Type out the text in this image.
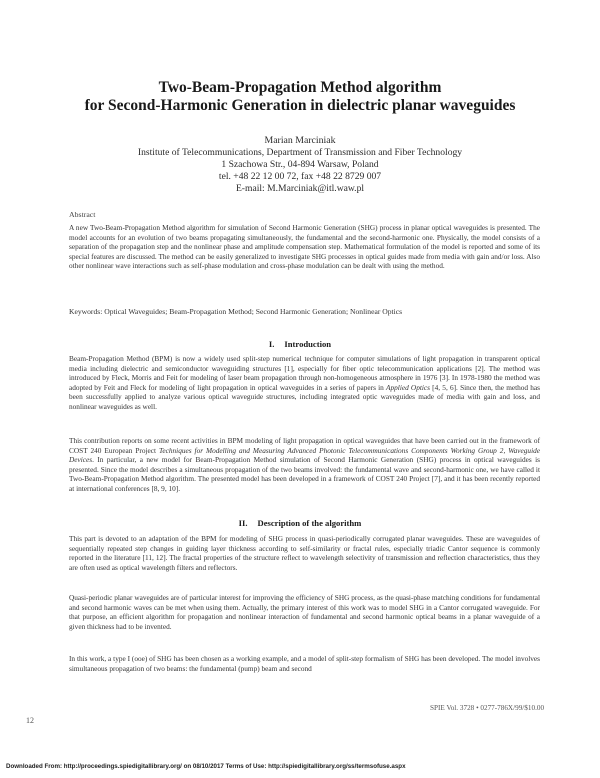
Two-Beam-Propagation Method algorithm
for Second-Harmonic Generation in dielectric planar waveguides
Marian Marciniak
Institute of Telecommunications, Department of Transmission and Fiber Technology
1 Szachowa Str., 04-894 Warsaw, Poland
tel. +48 22 12 00 72, fax +48 22 8729 007
E-mail: M.Marciniak@itl.waw.pl
Abstract
A new Two-Beam-Propagation Method algorithm for simulation of Second Harmonic Generation (SHG) process in planar optical waveguides is presented. The model accounts for an evolution of two beams propagating simultaneously, the fundamental and the second-harmonic one. Physically, the model consists of a separation of the propagation step and the nonlinear phase and amplitude compensation step. Mathematical formulation of the model is reported and some of its special features are discussed. The method can be easily generalized to investigate SHG processes in optical guides made from media with gain and/or loss. Also other nonlinear wave interactions such as self-phase modulation and cross-phase modulation can be dealt with using the method.
Keywords: Optical Waveguides; Beam-Propagation Method; Second Harmonic Generation; Nonlinear Optics
I. Introduction
Beam-Propagation Method (BPM) is now a widely used split-step numerical technique for computer simulations of light propagation in transparent optical media including dielectric and semiconductor waveguiding structures [1], especially for fiber optic telecommunication applications [2]. The method was introduced by Fleck, Morris and Feit for modeling of laser beam propagation through non-homogeneous atmosphere in 1976 [3]. In 1978-1980 the method was adopted by Feit and Fleck for modeling of light propagation in optical waveguides in a series of papers in Applied Optics [4, 5, 6]. Since then, the method has been successfully applied to analyze various optical waveguide structures, including integrated optic waveguides made of media with gain and loss, and nonlinear waveguides as well.
This contribution reports on some recent activities in BPM modeling of light propagation in optical waveguides that have been carried out in the framework of COST 240 European Project Techniques for Modelling and Measuring Advanced Photonic Telecommunications Components Working Group 2, Waveguide Devices. In particular, a new model for Beam-Propagation Method simulation of Second Harmonic Generation (SHG) process in optical waveguides is presented. Since the model describes a simultaneous propagation of the two beams involved: the fundamental wave and second-harmonic one, we have called it Two-Beam-Propagation Method algorithm. The presented model has been developed in a framework of COST 240 Project [7], and it has been recently reported at international conferences [8, 9, 10].
II. Description of the algorithm
This part is devoted to an adaptation of the BPM for modeling of SHG process in quasi-periodically corrugated planar waveguides. These are waveguides of sequentially repeated step changes in guiding layer thickness according to self-similarity or fractal rules, especially triadic Cantor sequence is commonly reported in the literature [11, 12]. The fractal properties of the structure reflect to wavelength selectivity of transmission and reflection characteristics, thus they are often used as optical wavelength filters and reflectors.
Quasi-periodic planar waveguides are of particular interest for improving the efficiency of SHG process, as the quasi-phase matching conditions for fundamental and second harmonic waves can be met when using them. Actually, the primary interest of this work was to model SHG in a Cantor corrugated waveguide. For that purpose, an efficient algorithm for propagation and nonlinear interaction of fundamental and second harmonic optical beams in a planar waveguide of a given thickness had to be invented.
In this work, a type I (ooe) of SHG has been chosen as a working example, and a model of split-step formalism of SHG has been developed. The model involves simultaneous propagation of two beams: the fundamental (pump) beam and second
SPIE Vol. 3728 • 0277-786X/99/$10.00
12
Downloaded From: http://proceedings.spiedigitallibrary.org/ on 08/10/2017 Terms of Use: http://spiedigitallibrary.org/ss/termsofuse.aspx
